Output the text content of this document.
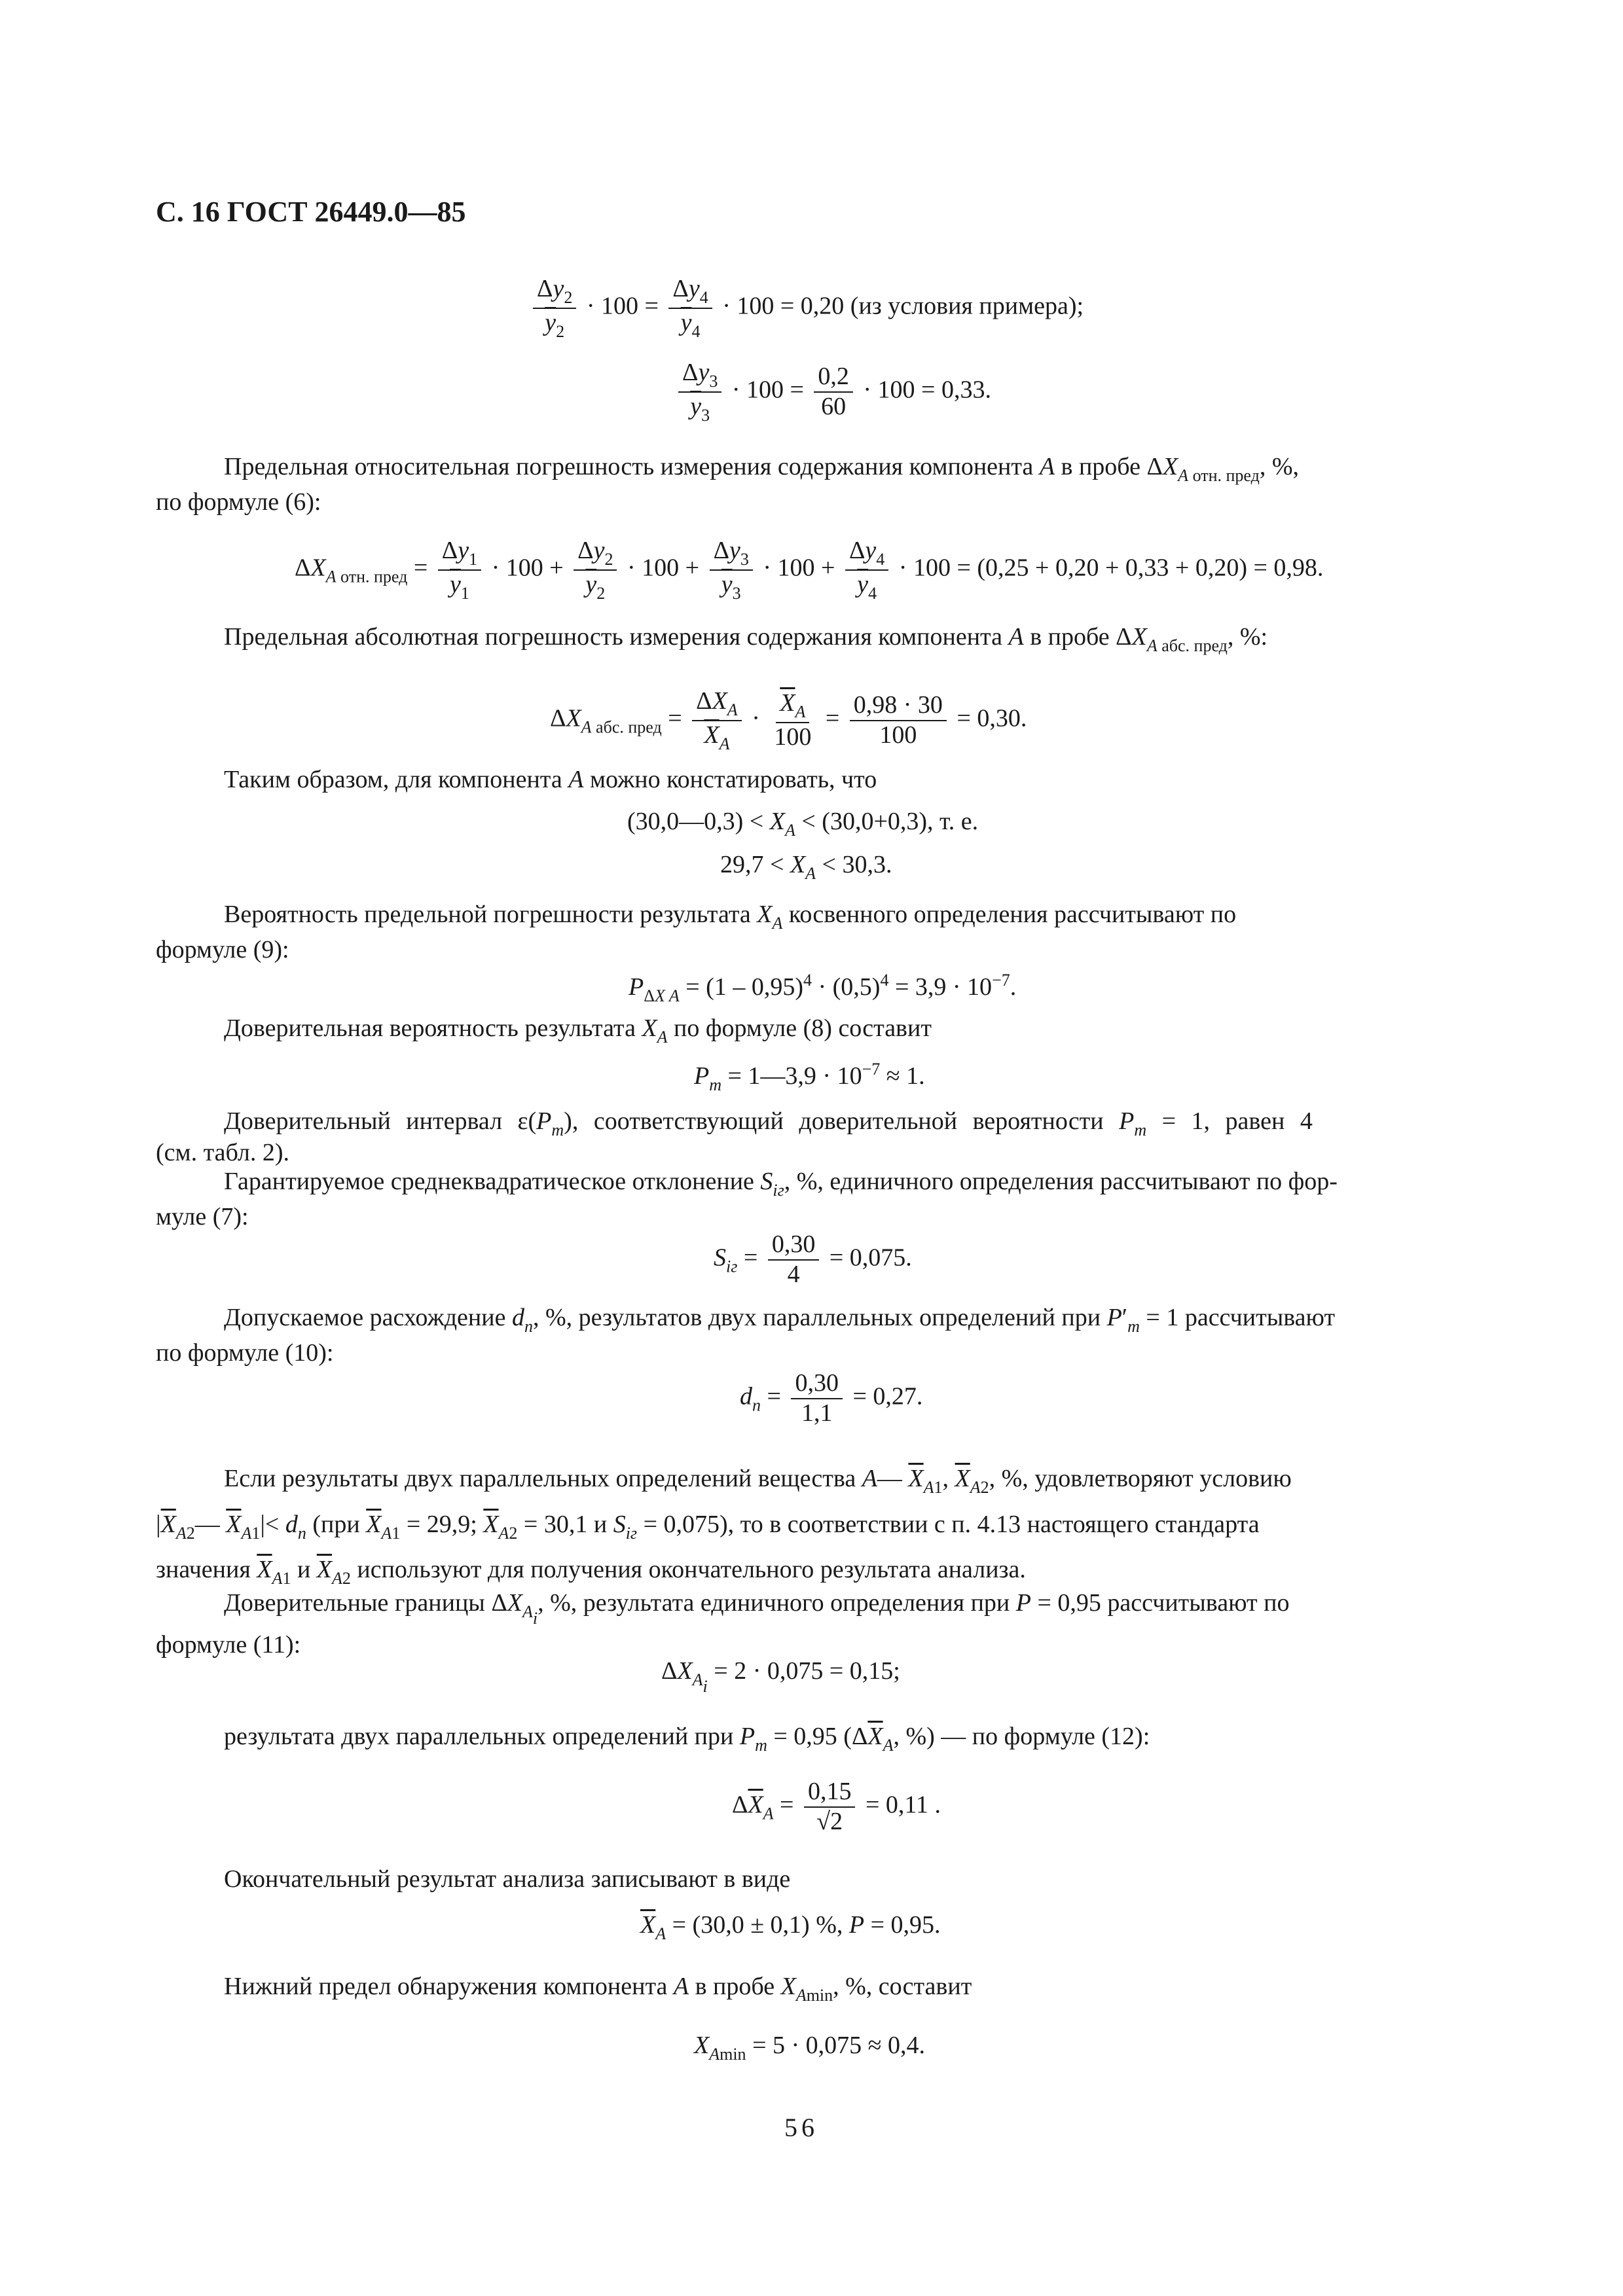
С. 16 ГОСТ 26449.0—85
$\frac{\Delta y_2}{\overline{y}_2} \cdot 100 = \frac{\Delta y_4}{\overline{y}_4} \cdot 100 = 0,20$ (из условия примера);
$\frac{\Delta y_3}{\overline{y}_3} \cdot 100 = \frac{0,2}{60} \cdot 100 = 0,33$.
Предельная относительная погрешность измерения содержания компонента A в пробе $\Delta X_{A отн. пред}$, %,
по формуле (6):
$\Delta X_{A отн. пред} = \frac{\Delta y_1}{\overline{y}_1} \cdot 100 + \frac{\Delta y_2}{\overline{y}_2} \cdot 100 + \frac{\Delta y_3}{\overline{y}_3} \cdot 100 + \frac{\Delta y_4}{\overline{y}_4} \cdot 100 = (0,25 + 0,20 + 0,33 + 0,20) = 0,98$.
Предельная абсолютная погрешность измерения содержания компонента A в пробе $\Delta X_{A абс. пред}$, %:
$\Delta X_{A абс. пред} = \frac{\Delta X_A}{\overline{X}_A} \cdot \frac{\overline{X}_A}{100} = \frac{0,98 \cdot 30}{100} = 0,30$.
Таким образом, для компонента A можно констатировать, что
(30,0—0,3) < $X_A < (30,0+0,3)$, т. е.
$29,7 < X_A < 30,3$.
Вероятность предельной погрешности результата $X_A$ косвенного определения рассчитывают по
формуле (9):
$P_{\Delta X A} = (1 - 0,95)^4 \cdot (0,5)^4 = 3,9 \cdot 10^{-7}$.
Доверительная вероятность результата $X_A$ по формуле (8) составит
$P_m$ = 1—3,9 · $10^{-7} \approx 1$.
Доверительный интервал $\varepsilon(P_m)$, соответствующий доверительной вероятности $P_m = 1$, равен 4
(см. табл. 2).
Гарантируемое среднеквадратическое отклонение $S_{iг}$, %, единичного определения рассчитывают по фор-
муле (7):
$S_{iг} = \frac{0,30}{4} = 0,075$.
Допускаемое расхождение $d_n$, %, результатов двух параллельных определений при $P'_m = 1$ рассчитывают
по формуле (10):
$d_n = \frac{0,30}{1,1} = 0,27$.
Если результаты двух параллельных определений вещества A— $\overline{X}_{A1}$, $\overline{X}_{A2}$, %, удовлетворяют условию
$|\overline{X}_{A2}—$ $\overline{X}_{A1}|< d_n$ (при $\overline{X}_{A1} = 29,9$; $\overline{X}_{A2} = 30,1$ и $S_{iг} = 0,075$), то в соответствии с п. 4.13 настоящего стандарта
значения $\overline{X}_{A1}$ и $\overline{X}_{A2}$ используют для получения окончательного результата анализа.
Доверительные границы $\Delta X_{A_i}$, %, результата единичного определения при P = 0,95 рассчитывают по
формуле (11):
$\Delta X_{A_i} = 2 \cdot 0,075 = 0,15$;
результата двух параллельных определений при $P_m = 0,95$ ($\Delta\overline{X}_A$, %) — по формуле (12):
$\Delta\overline{X}_A = \frac{0,15}{√2} = 0,11$ .
Окончательный результат анализа записывают в виде
$\overline{X}_A = (30,0 \pm 0,1)$ %, P = 0,95.
Нижний предел обнаружения компонента A в пробе $X_{Amin}$, %, составит
$X_{Amin} = 5 \cdot 0,075 \approx 0,4$.
56
